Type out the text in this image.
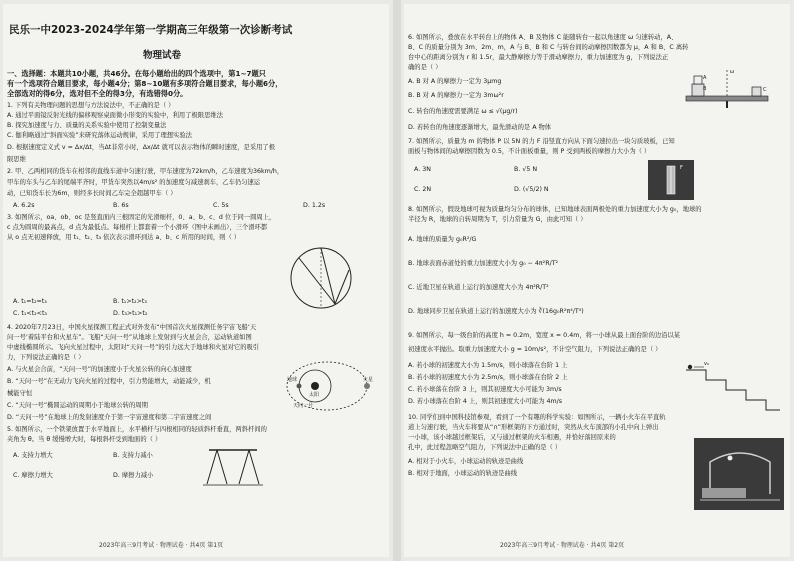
民乐一中2023-2024学年第一学期高三年级第一次诊断考试
物理试卷
一、选择题：本题共10小题，共46分。在每小题给出的四个选项中，第1~7题只
有一个选项符合题目要求，每小题4分；第8~10题有多项符合题目要求，每小题6分，
全部选对的得6分，选对但不全的得3分，有选错得0分。
1. 下列有关物理问题的思想与方法说法中，不正确的是（ ）
A. 通过平面镜反射光线的偏移观察桌面微小形变的实验中，利用了极限思维法
B. 探究加速度与力、质量的关系实验中使用了控制变量法
C. 伽利略通过“斜面实验”来研究落体运动规律，采用了理想实验法
D. 根据速度定义式 v = Δx/Δt，当Δt非常小时，Δx/Δt 就可以表示物体的瞬时速度，是采用了极
限思维
2. 甲、乙两相同的货车在相邻的直线车道中匀速行驶，甲车速度为72km/h，乙车速度为36km/h，
甲车的车头与乙车的尾端平齐时，甲货车突然以4m/s² 的加速度匀减速刹车，乙车仍匀速运
动，已知货车长为6m，则经多长时间乙车完全超越甲车（ ）
A. 6.2s	B. 6s	C. 5s	D. 1.2s
3. 如图所示，oa、ob、oc 是竖直面内三根固定的光滑细杆，0、a、b、c、d 位于同一圆周上，
c 点为圆周的最高点，d 点为最低点。每根杆上都套着一个小滑环（图中未画出），三个滑环都
从 o 点无初速释放，用 t₁、t₂、t₃ 依次表示滑环到达 a、b、c 所用的时间，则（ ）
A. t₁=t₂=t₃	B. t₁>t₂>t₃
C. t₁<t₂<t₃	D. t₃>t₁>t₂
4. 2020年7月23日，中国火星探测工程正式对外发布“中国首次火星探测任务宇宙飞船‘天
问一号’着陆平台和火星车”。飞船“天问一号”从地球上发射到与火星会合，运动轨道如图
中虚线椭圆所示。飞向火星过程中，太阳对“天问一号”的引力远大于地球和火星对它的吸引
力，下列说法正确的是（ ）
A. 与火星会合前，“天问一号”的加速度小于火星公转的向心加速度
B. “天问一号”在无动力飞向火星的过程中，引力势能增大，动能减少，机
械能守恒
C. “天问一号”椭圆运动的周期小于地球公转的周期
D. “天问一号”在地球上的发射速度介于第一宇宙速度和第二宇宙速度之间
太阳
地球	火星
天问一号
5. 如图所示，一个铁架放置于水平地面上，水平横杆与四根相同的轻质斜杆垂直，两斜杆间的
夹角为 θ。当 θ 缓慢增大时，每根斜杆受到地面的（ ）
A. 支持力增大	B. 支持力减小
C. 摩擦力增大	D. 摩擦力减小
2023年高三9月考试 · 物理试卷 · 共4页 第1页
6. 如图所示，叠放在水平转台上的物体 A、B 及物体 C 能随转台一起以角速度 ω 匀速转动，A、
B、C 的质量分别为 3m、2m、m，A 与 B、B 和 C 与转台间的动摩擦因数都为 μ，A 和 B、C 离转
台中心的距离分别为 r 和 1.5r，最大静摩擦力等于滑动摩擦力，重力加速度为 g，下列说法正
确的是（ ）
A. B 对 A 的摩擦力一定为 3μmg
B. B 对 A 的摩擦力一定为 3mω²r
C. 转台的角速度需要满足 ω ≤ √(μg/r)
D. 若转台的角速度逐渐增大，最先滑动的是 A 物体
A
B	C
ω
7. 如图所示，质量为 m 的物体 P 以 5N 的力 F 沿竖直方向从下面匀速拉出一块匀质玻板，已知
面板与物体间的动摩擦因数为 0.5，不计面板重量，则 P 受到两板的摩擦力大小为（ ）
A. 3N	B. √5 N
C. 2N	D. (√5/2) N
F
8. 如图所示，假设地球可视为质量均匀分布的球体，已知地球表面两极处的重力加速度大小为 g₀，地球的
半径为 R，地球的自转周期为 T，引力常量为 G，由此可知（ ）
A. 地球的质量为 g₀R²/G
B. 地球表面赤道处的重力加速度大小为 g₀ − 4π²R/T²
C. 近地卫星在轨道上运行的加速度大小为 4π²R/T²
D. 地球同步卫星在轨道上运行的加速度大小为 ∛(16g₀R²π⁴/T⁴)
9. 如图所示，每一级台阶的高度 h = 0.2m，宽度 x = 0.4m，将一小球从最上面台阶的边沿以某
初速度水平抛出。取重力加速度大小 g = 10m/s²，不计空气阻力，下列说法正确的是（ ）
A. 若小球的初速度大小为 1.5m/s，则小球落在台阶 1 上
B. 若小球的初速度大小为 2.5m/s，则小球落在台阶 2 上
C. 若小球落在台阶 3 上，则其初速度大小可能为 3m/s
D. 若小球落在台阶 4 上，则其初速度大小可能为 4m/s
v₀
10. 同学们到中国科技馆参观，看到了一个有趣的科学实验：如图所示，一辆小火车在平直轨
道上匀速行驶，当火车将要从“∩”形框架的下方通过时，突然从火车顶部的小孔中向上弹出
一小球，该小球越过框架后，又与通过框架的火车相遇，并恰好落回原来的
孔中，此过程忽略空气阻力，下列说法中正确的是（ ）
A. 相对于小火车，小球运动的轨迹是曲线
B. 相对于地面，小球运动的轨迹是曲线
2023年高三9月考试 · 物理试卷 · 共4页 第2页
